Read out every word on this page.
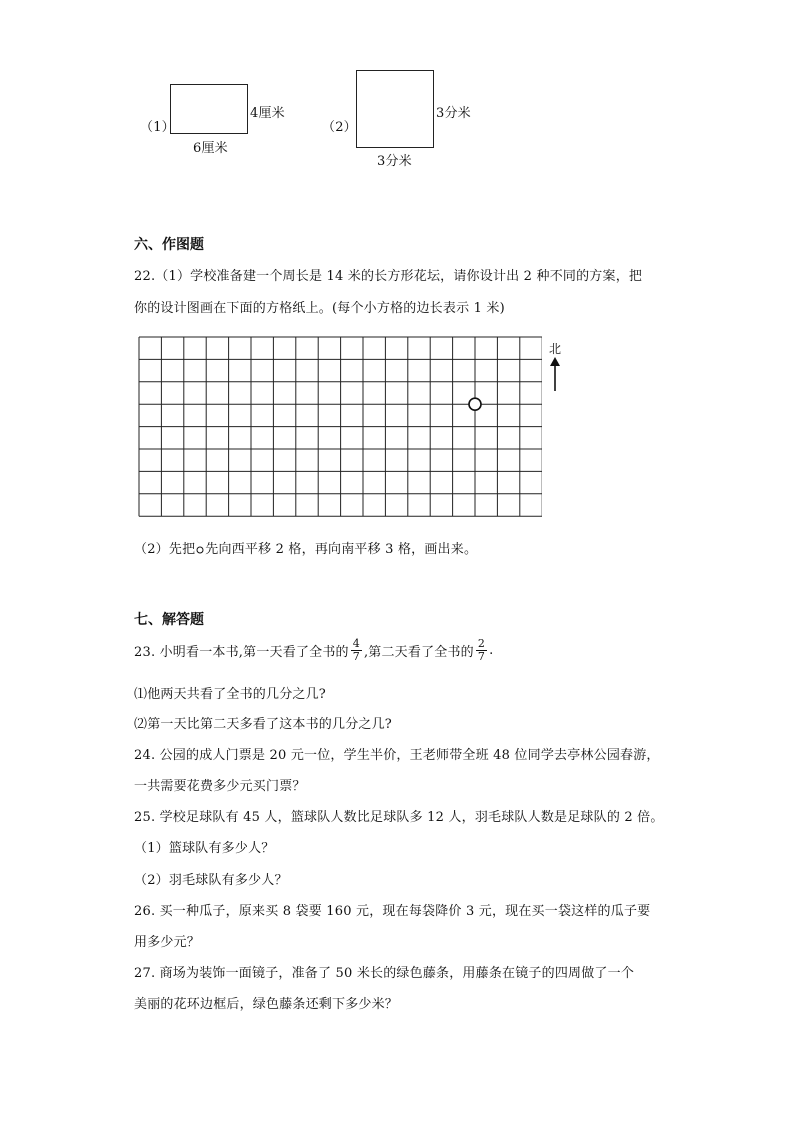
（1）
4厘米
6厘米
（2）
3分米
3分米
六、作图题
22.（1）学校准备建一个周长是 14 米的长方形花坛，请你设计出 2 种不同的方案，把
你的设计图画在下面的方格纸上。(每个小方格的边长表示 1 米)
北
（2）先把 先向西平移 2 格，再向南平移 3 格，画出来。
七、解答题
23. 小明看一本书,第一天看了全书的 $\frac{4}{7}$ ,第二天看了全书的 $\frac{2}{7}$ .
⑴他两天共看了全书的几分之几?
⑵第一天比第二天多看了这本书的几分之几?
24. 公园的成人门票是 20 元一位，学生半价，王老师带全班 48 位同学去亭林公园春游，
一共需要花费多少元买门票？
25. 学校足球队有 45 人，篮球队人数比足球队多 12 人，羽毛球队人数是足球队的 2 倍。
（1）篮球队有多少人？
（2）羽毛球队有多少人？
26. 买一种瓜子，原来买 8 袋要 160 元，现在每袋降价 3 元，现在买一袋这样的瓜子要
用多少元？
27. 商场为装饰一面镜子，准备了 50 米长的绿色藤条，用藤条在镜子的四周做了一个
美丽的花环边框后，绿色藤条还剩下多少米？
